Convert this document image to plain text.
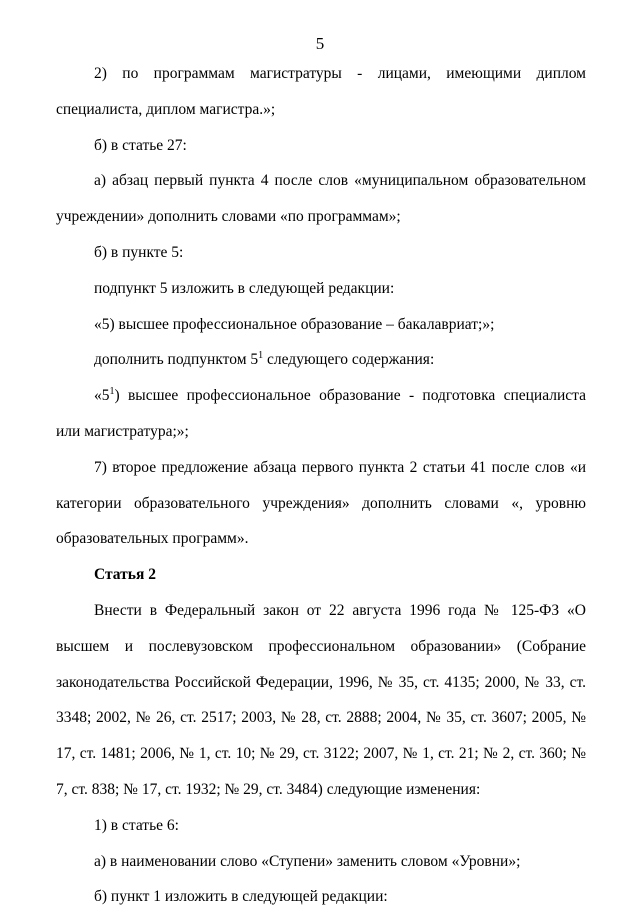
5

2) по программам магистратуры - лицами, имеющими диплом специалиста, диплом магистра.»;

б) в статье 27:

а) абзац первый пункта 4 после слов «муниципальном образовательном учреждении» дополнить словами «по программам»;

б) в пункте 5:

подпункт 5 изложить в следующей редакции:

«5) высшее профессиональное образование – бакалавриат;»;

дополнить подпунктом $5^1$ следующего содержания:

«$5^1$) высшее профессиональное образование - подготовка специалиста или магистратура;»;

7) второе предложение абзаца первого пункта 2 статьи 41 после слов «и категории образовательного учреждения» дополнить словами «, уровню образовательных программ».

Статья 2

Внести в Федеральный закон от 22 августа 1996 года № 125-ФЗ «О высшем и послевузовском профессиональном образовании» (Собрание законодательства Российской Федерации, 1996, № 35, ст. 4135; 2000, № 33, ст. 3348; 2002, № 26, ст. 2517; 2003, № 28, ст. 2888; 2004, № 35, ст. 3607; 2005, № 17, ст. 1481; 2006, № 1, ст. 10; № 29, ст. 3122; 2007, № 1, ст. 21; № 2, ст. 360; № 7, ст. 838; № 17, ст. 1932; № 29, ст. 3484) следующие изменения:

1) в статье 6:

а) в наименовании слово «Ступени» заменить словом «Уровни»;

б) пункт 1 изложить в следующей редакции:
